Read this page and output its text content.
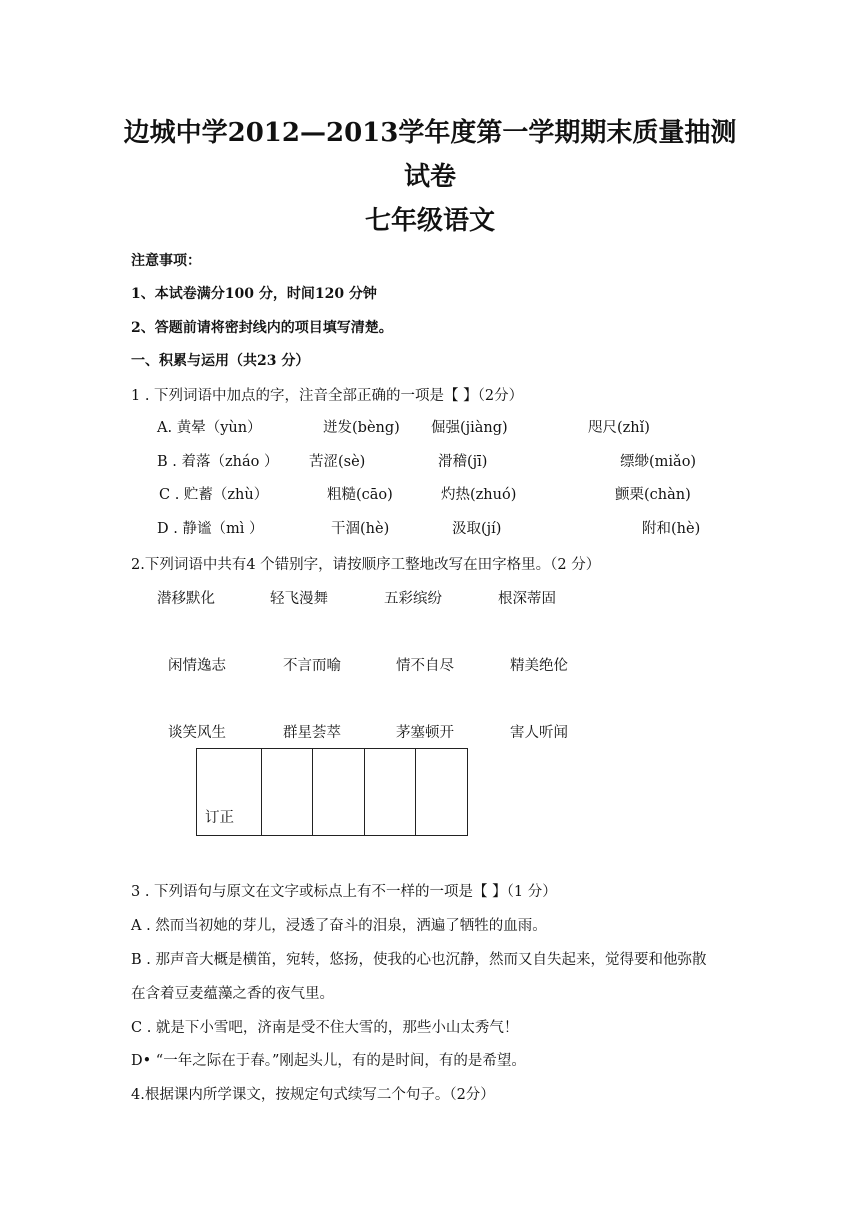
边城中学2012—2013学年度第一学期期末质量抽测
试卷
七年级语文
注意事项：
1、本试卷满分100 分，时间120 分钟
2、答题前请将密封线内的项目填写清楚。
一、积累与运用（共23 分）
1 . 下列词语中加点的字，注音全部正确的一项是【 】（2分）
A. 黄晕（yùn）	迸发(bèng) 倔强(jiàng)	咫尺(zhǐ)
B . 着落（zháo ） 苦涩(sè)	滑稽(jī)	缥缈(miǎo)
C . 贮蓄（zhù）	粗糙(cāo)	灼热(zhuó)	颤栗(chàn)
D . 静谧（mì ）	干涸(hè)	汲取(jí)	附和(hè)
2.下列词语中共有4 个错别字，请按顺序工整地改写在田字格里。（2 分）
潜移默化	轻飞漫舞	五彩缤纷	根深蒂固
闲情逸志	不言而喻	情不自尽	精美绝伦
谈笑风生	群星荟萃	茅塞顿开	害人听闻
订正
3 . 下列语句与原文在文字或标点上有不一样的一项是【 】（1 分）
A . 然而当初她的芽儿，浸透了奋斗的泪泉，洒遍了牺牲的血雨。
B . 那声音大概是横笛，宛转，悠扬，使我的心也沉静，然而又自失起来，觉得要和他弥散
在含着豆麦蕴藻之香的夜气里。
C . 就是下小雪吧，济南是受不住大雪的，那些小山太秀气！
D• “一年之际在于春。”刚起头儿，有的是时间，有的是希望。
4.根据课内所学课文，按规定句式续写二个句子。（2分）
